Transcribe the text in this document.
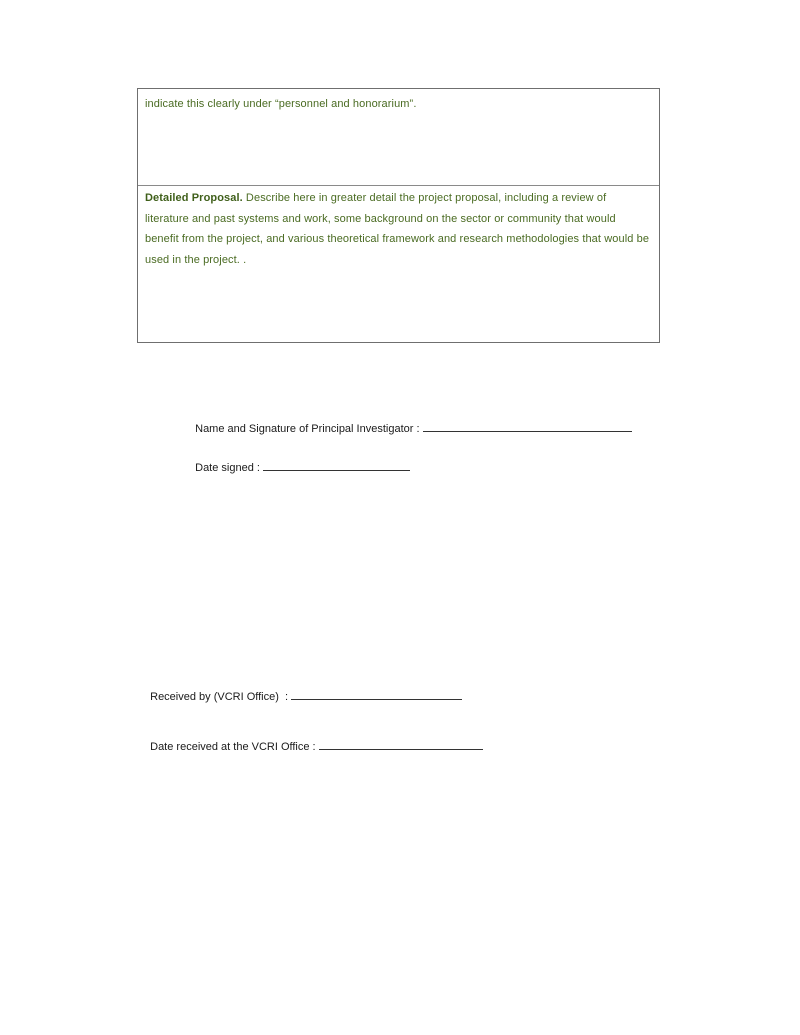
indicate this clearly under “personnel and honorarium”.
Detailed Proposal. Describe here in greater detail the project proposal, including a review of literature and past systems and work, some background on the sector or community that would benefit from the project, and various theoretical framework and research methodologies that would be used in the project. .

Name and Signature of Principal Investigator :

Date signed :

Received by (VCRI Office)  :

Date received at the VCRI Office :
